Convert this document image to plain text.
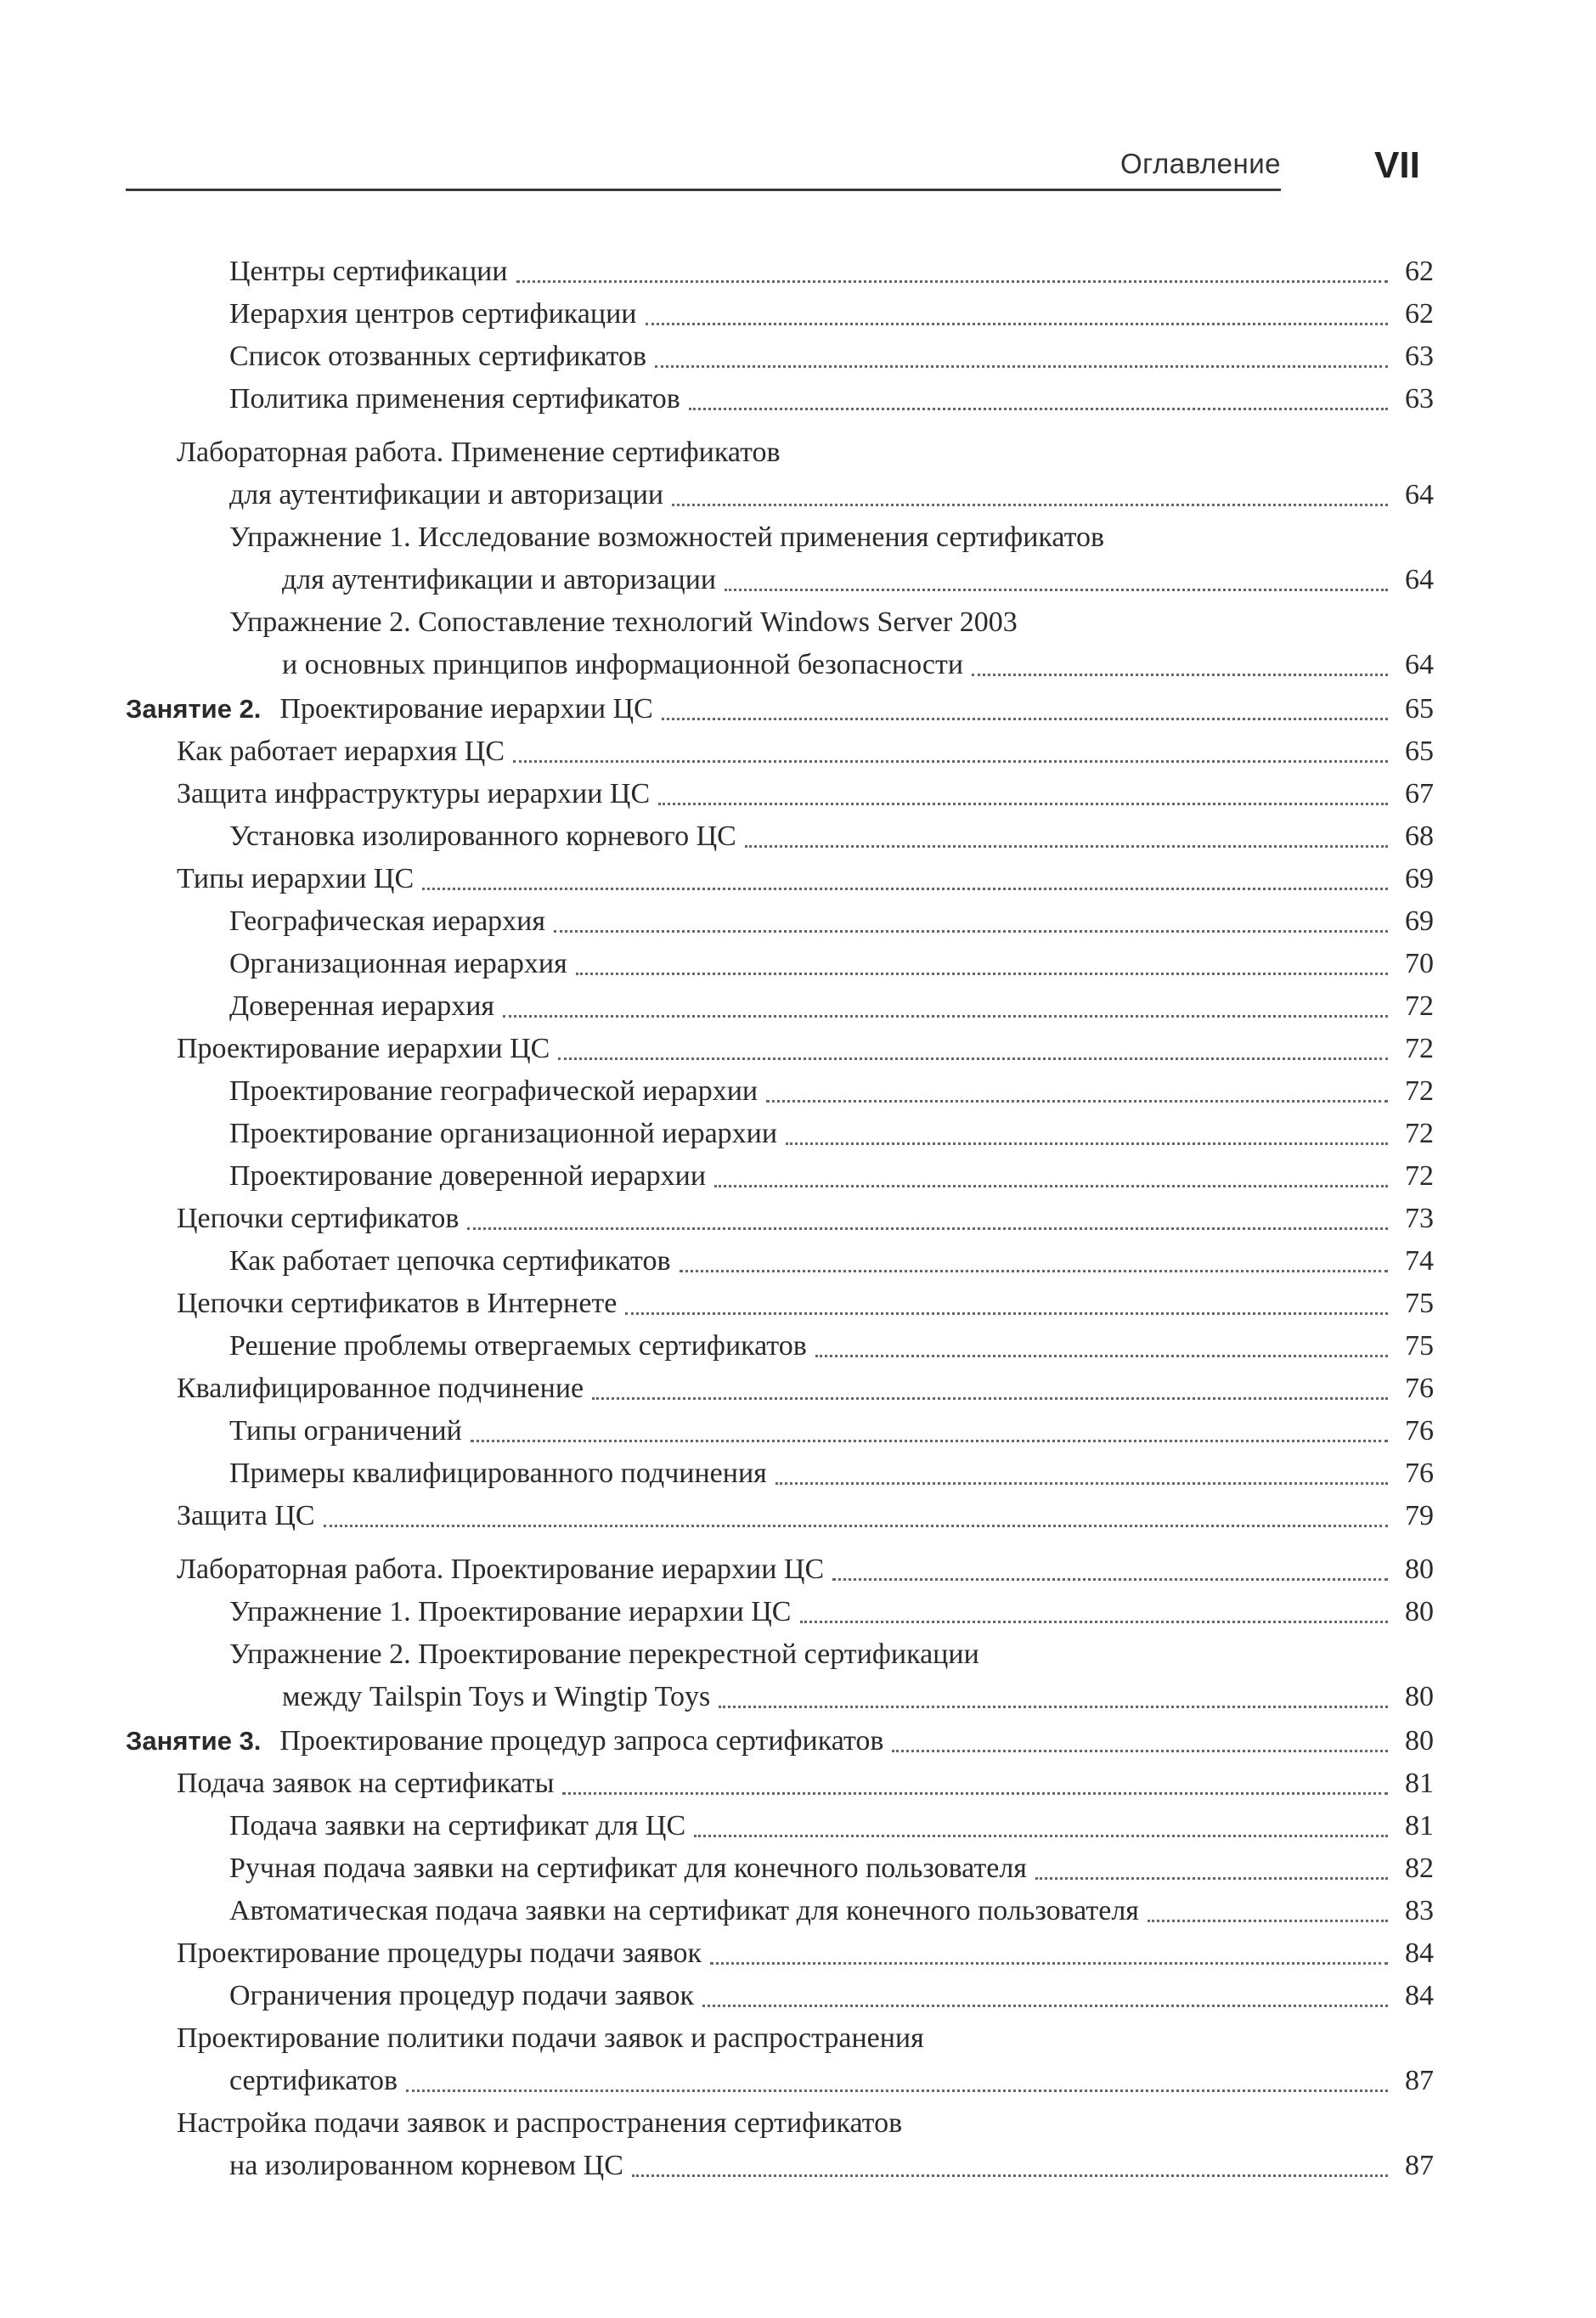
Оглавление	VII
Центры сертификации	62
Иерархия центров сертификации	62
Список отозванных сертификатов	63
Политика применения сертификатов	63
Лабораторная работа. Применение сертификатов
для аутентификации и авторизации	64
Упражнение 1. Исследование возможностей применения сертификатов
для аутентификации и авторизации	64
Упражнение 2. Сопоставление технологий Windows Server 2003
и основных принципов информационной безопасности	64
Занятие 2. Проектирование иерархии ЦС	65
Как работает иерархия ЦС	65
Защита инфраструктуры иерархии ЦС	67
Установка изолированного корневого ЦС	68
Типы иерархии ЦС	69
Географическая иерархия	69
Организационная иерархия	70
Доверенная иерархия	72
Проектирование иерархии ЦС	72
Проектирование географической иерархии	72
Проектирование организационной иерархии	72
Проектирование доверенной иерархии	72
Цепочки сертификатов	73
Как работает цепочка сертификатов	74
Цепочки сертификатов в Интернете	75
Решение проблемы отвергаемых сертификатов	75
Квалифицированное подчинение	76
Типы ограничений	76
Примеры квалифицированного подчинения	76
Защита ЦС	79
Лабораторная работа. Проектирование иерархии ЦС	80
Упражнение 1. Проектирование иерархии ЦС	80
Упражнение 2. Проектирование перекрестной сертификации
между Tailspin Toys и Wingtip Toys	80
Занятие 3. Проектирование процедур запроса сертификатов	80
Подача заявок на сертификаты	81
Подача заявки на сертификат для ЦС	81
Ручная подача заявки на сертификат для конечного пользователя	82
Автоматическая подача заявки на сертификат для конечного пользователя	83
Проектирование процедуры подачи заявок	84
Ограничения процедур подачи заявок	84
Проектирование политики подачи заявок и распространения
сертификатов	87
Настройка подачи заявок и распространения сертификатов
на изолированном корневом ЦС	87
